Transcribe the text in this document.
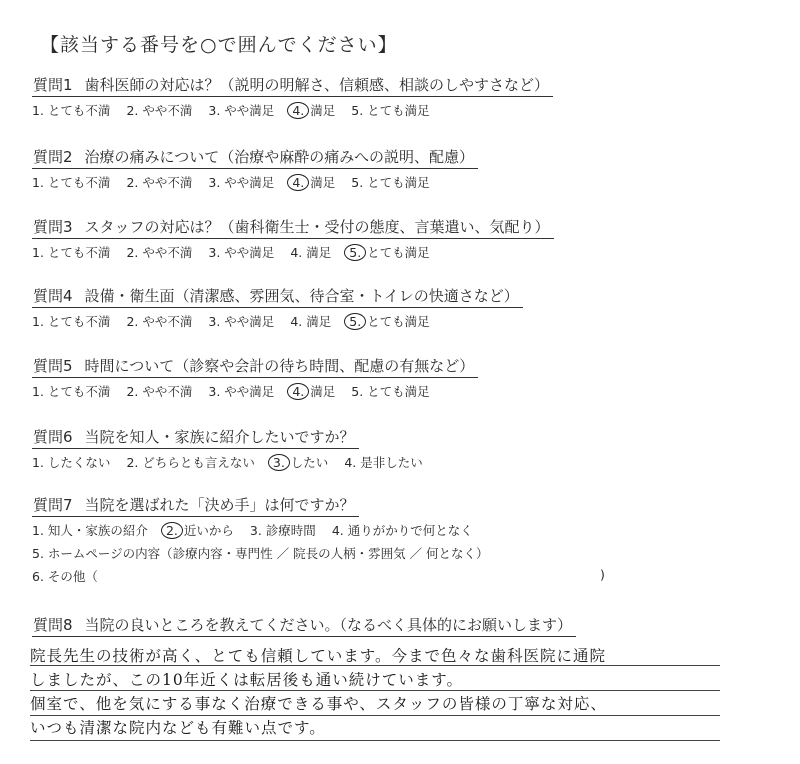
【該当する番号を○で囲んでください】
質問1 歯科医師の対応は？（説明の明解さ、信頼感、相談のしやすさなど）
1. とても不満 2. やや不満 3. やや満足 4. 満足 5. とても満足
質問2 治療の痛みについて（治療や麻酔の痛みへの説明、配慮）
1. とても不満 2. やや不満 3. やや満足 4. 満足 5. とても満足
質問3 スタッフの対応は？（歯科衛生士・受付の態度、言葉遣い、気配り）
1. とても不満 2. やや不満 3. やや満足 4. 満足 5. とても満足
質問4 設備・衛生面（清潔感、雰囲気、待合室・トイレの快適さなど）
1. とても不満 2. やや不満 3. やや満足 4. 満足 5. とても満足
質問5 時間について（診察や会計の待ち時間、配慮の有無など）
1. とても不満 2. やや不満 3. やや満足 4. 満足 5. とても満足
質問6 当院を知人・家族に紹介したいですか？
1. したくない 2. どちらとも言えない 3. したい 4. 是非したい
質問7 当院を選ばれた「決め手」は何ですか？
1. 知人・家族の紹介 2. 近いから 3. 診療時間 4. 通りがかりで何となく
5. ホームページの内容（診療内容・専門性 ／ 院長の人柄・雰囲気 ／ 何となく）
6. その他（	)
質問8 当院の良いところを教えてください。（なるべく具体的にお願いします）
院長先生の技術が高く、とても信頼しています。今まで色々な歯科医院に通院
しましたが、この10年近くは転居後も通い続けています。
個室で、他を気にする事なく治療できる事や、スタッフの皆様の丁寧な対応、
いつも清潔な院内なども有難い点です。
